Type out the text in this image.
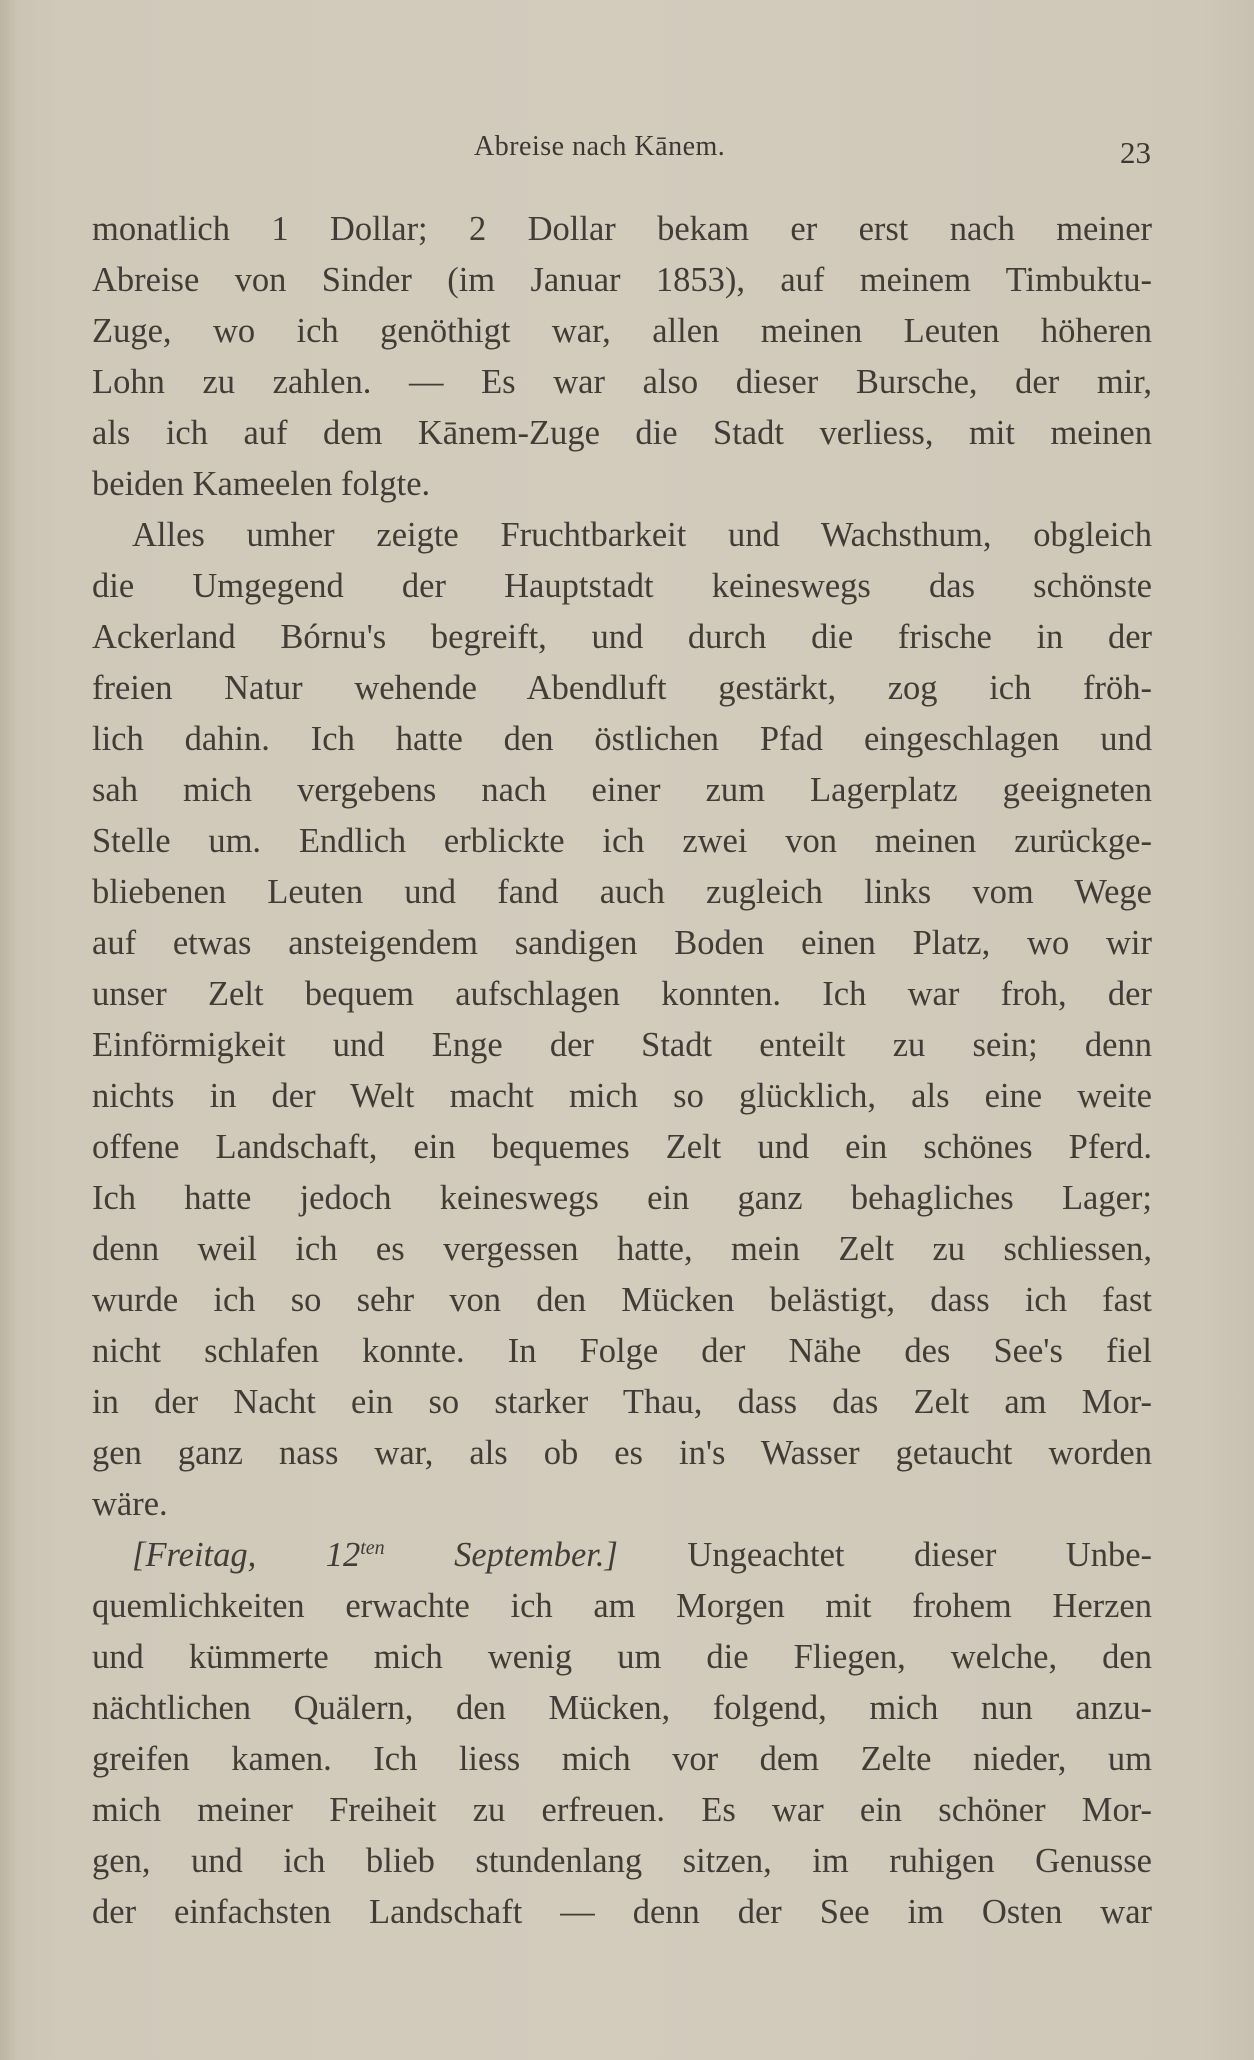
Abreise nach Kānem.	23
monatlich 1 Dollar; 2 Dollar bekam er erst nach meiner
Abreise von Sinder (im Januar 1853), auf meinem Timbuktu-
Zuge, wo ich genöthigt war, allen meinen Leuten höheren
Lohn zu zahlen. — Es war also dieser Bursche, der mir,
als ich auf dem Kānem-Zuge die Stadt verliess, mit meinen
beiden Kameelen folgte.
Alles umher zeigte Fruchtbarkeit und Wachsthum, obgleich
die Umgegend der Hauptstadt keineswegs das schönste
Ackerland Bórnu's begreift, und durch die frische in der
freien Natur wehende Abendluft gestärkt, zog ich fröh-
lich dahin. Ich hatte den östlichen Pfad eingeschlagen und
sah mich vergebens nach einer zum Lagerplatz geeigneten
Stelle um. Endlich erblickte ich zwei von meinen zurückge-
bliebenen Leuten und fand auch zugleich links vom Wege
auf etwas ansteigendem sandigen Boden einen Platz, wo wir
unser Zelt bequem aufschlagen konnten. Ich war froh, der
Einförmigkeit und Enge der Stadt enteilt zu sein; denn
nichts in der Welt macht mich so glücklich, als eine weite
offene Landschaft, ein bequemes Zelt und ein schönes Pferd.
Ich hatte jedoch keineswegs ein ganz behagliches Lager;
denn weil ich es vergessen hatte, mein Zelt zu schliessen,
wurde ich so sehr von den Mücken belästigt, dass ich fast
nicht schlafen konnte. In Folge der Nähe des See's fiel
in der Nacht ein so starker Thau, dass das Zelt am Mor-
gen ganz nass war, als ob es in's Wasser getaucht worden
wäre.
[Freitag, $12^{ten}$ September.] Ungeachtet dieser Unbe-
quemlichkeiten erwachte ich am Morgen mit frohem Herzen
und kümmerte mich wenig um die Fliegen, welche, den
nächtlichen Quälern, den Mücken, folgend, mich nun anzu-
greifen kamen. Ich liess mich vor dem Zelte nieder, um
mich meiner Freiheit zu erfreuen. Es war ein schöner Mor-
gen, und ich blieb stundenlang sitzen, im ruhigen Genusse
der einfachsten Landschaft — denn der See im Osten war
